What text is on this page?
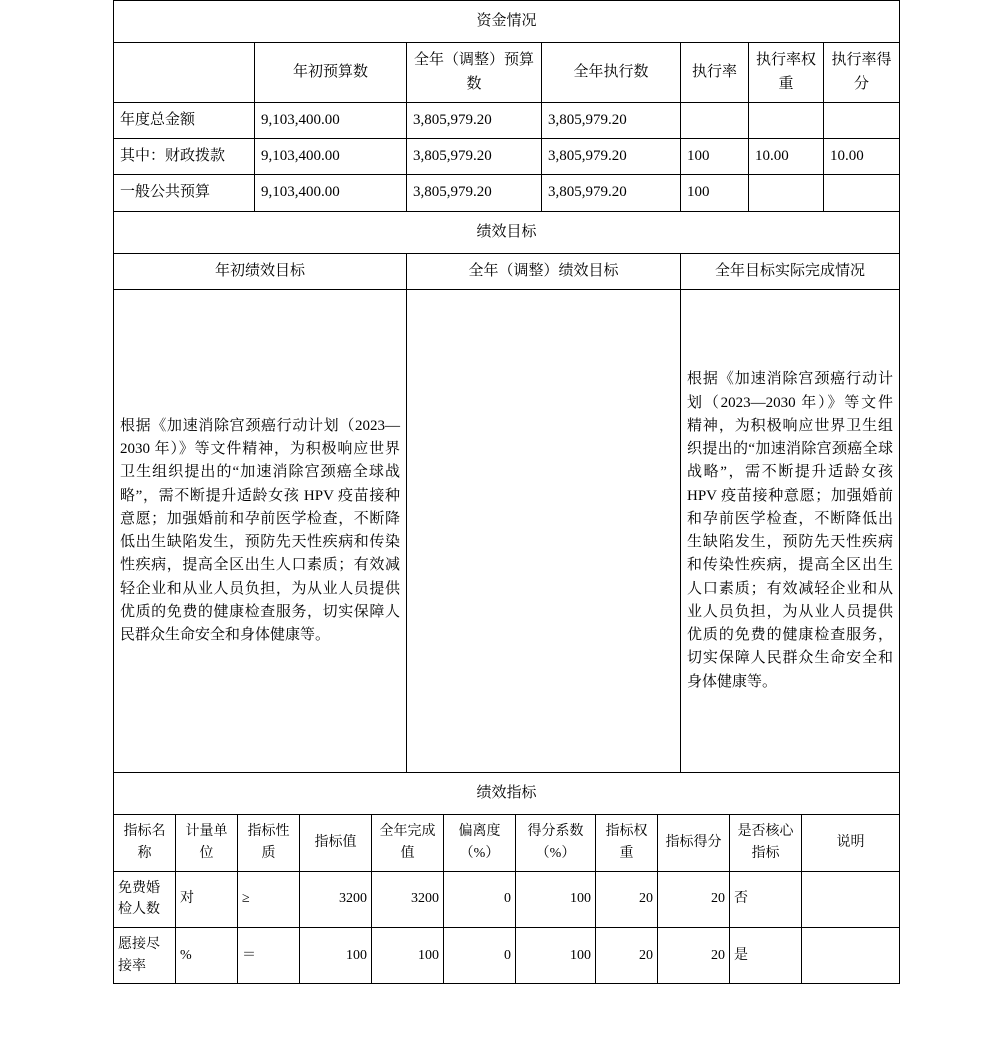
资金情况						
	年初预算数	全年（调整）预算数	全年执行数	执行率	执行率权重	执行率得分
年度总金额	9,103,400.00	3,805,979.20	3,805,979.20			
其中：财政拨款	9,103,400.00	3,805,979.20	3,805,979.20	100	10.00	10.00
一般公共预算	9,103,400.00	3,805,979.20	3,805,979.20	100		
绩效目标						
年初绩效目标		全年（调整）绩效目标		全年目标实际完成情况		
根据《加速消除宫颈癌行动计划（2023—2030 年）》等文件精神，为积极响应世界卫生组织提出的“加速消除宫颈癌全球战略”，需不断提升适龄女孩 HPV 疫苗接种意愿；加强婚前和孕前医学检查，不断降低出生缺陷发生，预防先天性疾病和传染性疾病，提高全区出生人口素质；有效减轻企业和从业人员负担，为从业人员提供优质的免费的健康检查服务，切实保障人民群众生命安全和身体健康等。				根据《加速消除宫颈癌行动计划（2023—2030 年）》等文件精神，为积极响应世界卫生组织提出的“加速消除宫颈癌全球战略”，需不断提升适龄女孩 HPV 疫苗接种意愿；加强婚前和孕前医学检查，不断降低出生缺陷发生，预防先天性疾病和传染性疾病，提高全区出生人口素质；有效减轻企业和从业人员负担，为从业人员提供优质的免费的健康检查服务，切实保障人民群众生命安全和身体健康等。		
绩效指标						
指标名称	计量单位	指标性质	指标值	全年完成值	偏离度（%）	得分系数（%）	指标权重	指标得分	是否核心指标	说明
免费婚检人数	对	≥	3200	3200	0	100	20	20	否	
愿接尽接率	%	＝	100	100	0	100	20	20	是	
